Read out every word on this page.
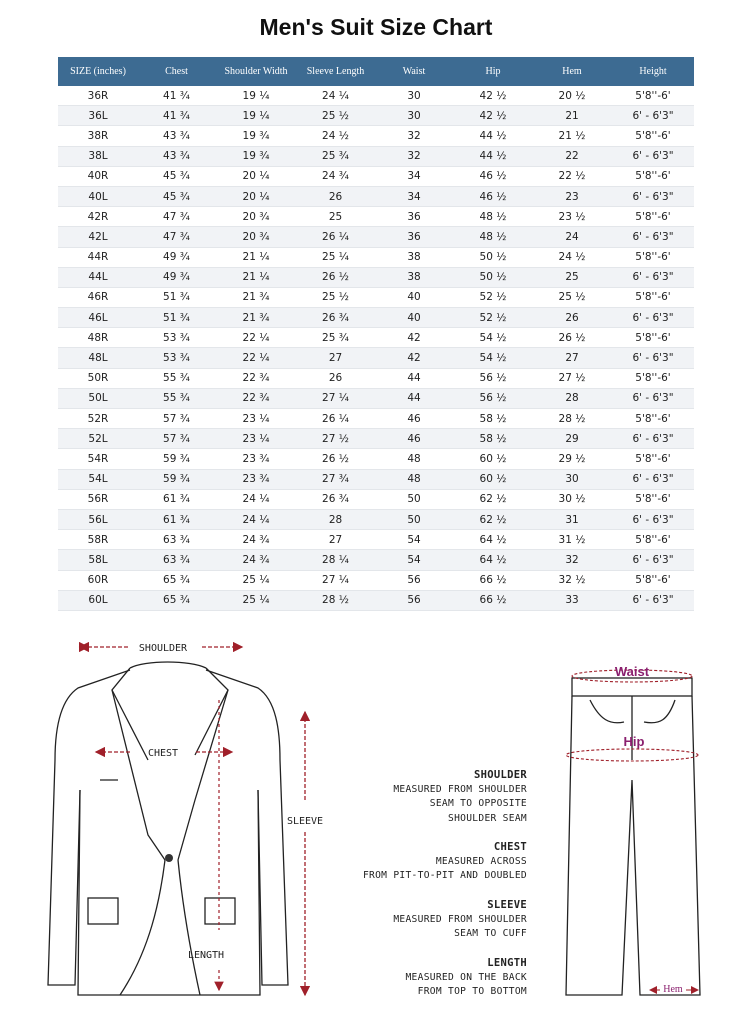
Men's Suit Size Chart
SIZE (inches)	Chest	Shoulder Width	Sleeve Length	Waist	Hip	Hem	Height
36R	41 ¾	19 ¼	24 ¼	30	42 ½	20 ½	5'8''-6'
36L	41 ¾	19 ¼	25 ½	30	42 ½	21	6' - 6'3"
38R	43 ¾	19 ¾	24 ½	32	44 ½	21 ½	5'8''-6'
38L	43 ¾	19 ¾	25 ¾	32	44 ½	22	6' - 6'3"
40R	45 ¾	20 ¼	24 ¾	34	46 ½	22 ½	5'8''-6'
40L	45 ¾	20 ¼	26	34	46 ½	23	6' - 6'3"
42R	47 ¾	20 ¾	25	36	48 ½	23 ½	5'8''-6'
42L	47 ¾	20 ¾	26 ¼	36	48 ½	24	6' - 6'3"
44R	49 ¾	21 ¼	25 ¼	38	50 ½	24 ½	5'8''-6'
44L	49 ¾	21 ¼	26 ½	38	50 ½	25	6' - 6'3"
46R	51 ¾	21 ¾	25 ½	40	52 ½	25 ½	5'8''-6'
46L	51 ¾	21 ¾	26 ¾	40	52 ½	26	6' - 6'3"
48R	53 ¾	22 ¼	25 ¾	42	54 ½	26 ½	5'8''-6'
48L	53 ¾	22 ¼	27	42	54 ½	27	6' - 6'3"
50R	55 ¾	22 ¾	26	44	56 ½	27 ½	5'8''-6'
50L	55 ¾	22 ¾	27 ¼	44	56 ½	28	6' - 6'3"
52R	57 ¾	23 ¼	26 ¼	46	58 ½	28 ½	5'8''-6'
52L	57 ¾	23 ¼	27 ½	46	58 ½	29	6' - 6'3"
54R	59 ¾	23 ¾	26 ½	48	60 ½	29 ½	5'8''-6'
54L	59 ¾	23 ¾	27 ¾	48	60 ½	30	6' - 6'3"
56R	61 ¾	24 ¼	26 ¾	50	62 ½	30 ½	5'8''-6'
56L	61 ¾	24 ¼	28	50	62 ½	31	6' - 6'3"
58R	63 ¾	24 ¾	27	54	64 ½	31 ½	5'8''-6'
58L	63 ¾	24 ¾	28 ¼	54	64 ½	32	6' - 6'3"
60R	65 ¾	25 ¼	27 ¼	56	66 ½	32 ½	5'8''-6'
60L	65 ¾	25 ¼	28 ½	56	66 ½	33	6' - 6'3"
SHOULDER
CHEST
LENGTH
SLEEVE
Waist
Hip
Hem
SHOULDER
MEASURED FROM SHOULDER
SEAM TO OPPOSITE
SHOULDER SEAM
CHEST
MEASURED ACROSS
FROM PIT-TO-PIT AND DOUBLED
SLEEVE
MEASURED FROM SHOULDER
SEAM TO CUFF
LENGTH
MEASURED ON THE BACK
FROM TOP TO BOTTOM
